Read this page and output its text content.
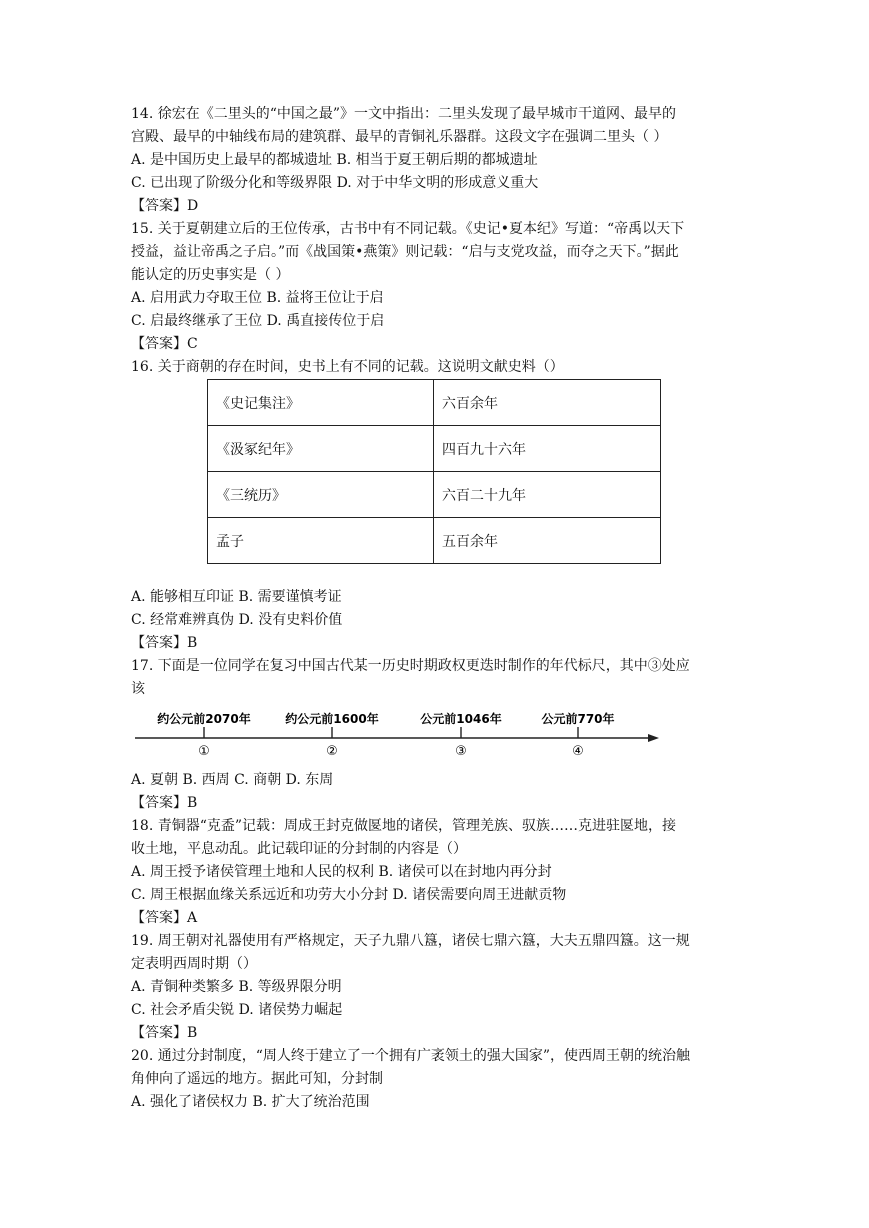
14. 徐宏在《二里头的“中国之最”》一文中指出：二里头发现了最早城市干道网、最早的
宫殿、最早的中轴线布局的建筑群、最早的青铜礼乐器群。这段文字在强调二里头（ ）
A. 是中国历史上最早的都城遗址 B. 相当于夏王朝后期的都城遗址
C. 已出现了阶级分化和等级界限 D. 对于中华文明的形成意义重大
【答案】D
15. 关于夏朝建立后的王位传承，古书中有不同记载。《史记•夏本纪》写道：“帝禹以天下
授益，益让帝禹之子启。”而《战国策•燕策》则记载：“启与支党攻益，而夺之天下。”据此
能认定的历史事实是（ ）
A. 启用武力夺取王位 B. 益将王位让于启
C. 启最终继承了王位 D. 禹直接传位于启
【答案】C
16. 关于商朝的存在时间，史书上有不同的记载。这说明文献史料（）
《史记集注》	六百余年
《汲冢纪年》	四百九十六年
《三统历》	六百二十九年
孟子	五百余年
A. 能够相互印证 B. 需要谨慎考证
C. 经常难辨真伪 D. 没有史料价值
【答案】B
17. 下面是一位同学在复习中国古代某一历史时期政权更迭时制作的年代标尺，其中③处应
该
约公元前2070年	约公元前1600年	公元前1046年	公元前770年
①	②	③	④
A. 夏朝 B. 西周 C. 商朝 D. 东周
【答案】B
18. 青铜器“克盉”记载：周成王封克做匽地的诸侯，管理羌族、驭族……克进驻匽地，接
收土地，平息动乱。此记载印证的分封制的内容是（）
A. 周王授予诸侯管理土地和人民的权利 B. 诸侯可以在封地内再分封
C. 周王根据血缘关系远近和功劳大小分封 D. 诸侯需要向周王进献贡物
【答案】A
19. 周王朝对礼器使用有严格规定，天子九鼎八簋，诸侯七鼎六簋，大夫五鼎四簋。这一规
定表明西周时期（）
A. 青铜种类繁多 B. 等级界限分明
C. 社会矛盾尖锐 D. 诸侯势力崛起
【答案】B
20. 通过分封制度，“周人终于建立了一个拥有广袤领土的强大国家”，使西周王朝的统治触
角伸向了遥远的地方。据此可知，分封制
A. 强化了诸侯权力 B. 扩大了统治范围
